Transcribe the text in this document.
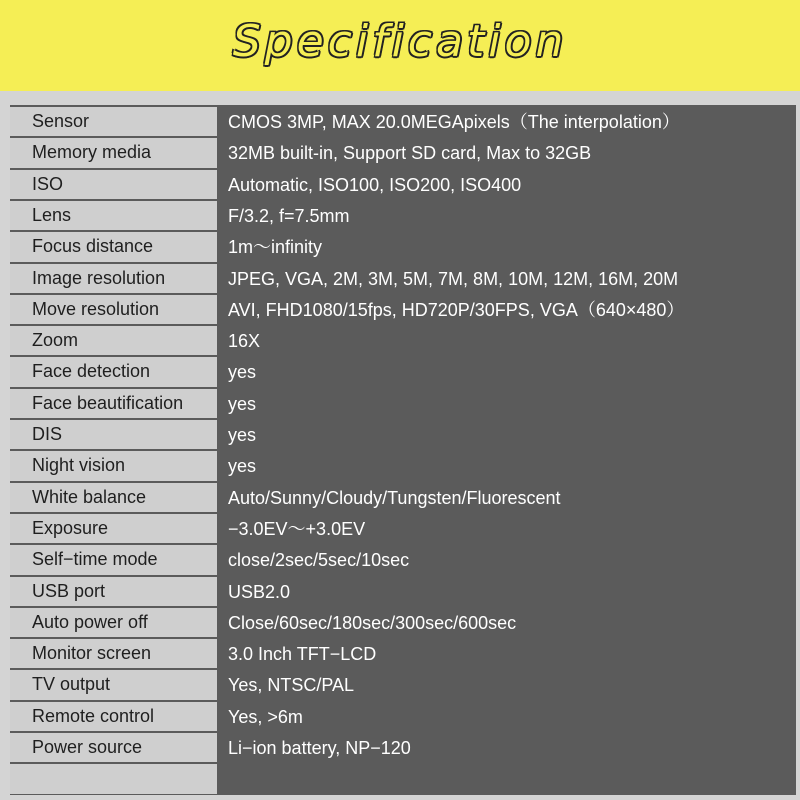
Specification
Sensor	CMOS 3MP, MAX 20.0MEGApixels（The interpolation）
Memory media	32MB built-in, Support SD card, Max to 32GB
ISO	Automatic, ISO100, ISO200, ISO400
Lens	F/3.2, f=7.5mm
Focus distance	1m～infinity
Image resolution	JPEG, VGA, 2M, 3M, 5M, 7M, 8M, 10M, 12M, 16M, 20M
Move resolution	AVI, FHD1080/15fps, HD720P/30FPS, VGA（640×480）
Zoom	16X
Face detection	yes
Face beautification	yes
DIS	yes
Night vision	yes
White balance	Auto/Sunny/Cloudy/Tungsten/Fluorescent
Exposure	−3.0EV～+3.0EV
Self−time mode	close/2sec/5sec/10sec
USB port	USB2.0
Auto power off	Close/60sec/180sec/300sec/600sec
Monitor screen	3.0 Inch TFT−LCD
TV output	Yes, NTSC/PAL
Remote control	Yes, >6m
Power source	Li−ion battery, NP−120
